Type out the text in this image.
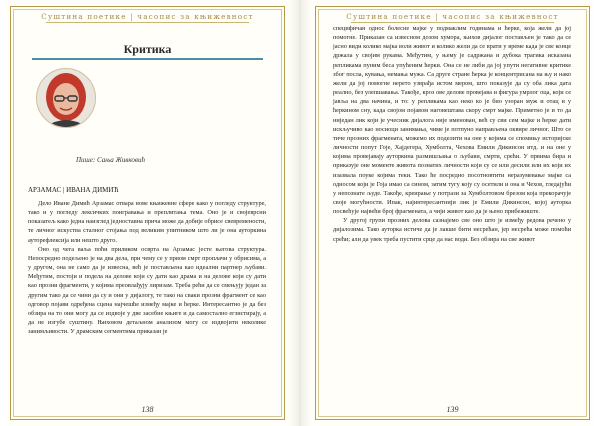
Суштина поетике | часопис за књижевност
Критика
Пише: Сања Живковић
АРЗАМАС | ИВАНА ДИМИЋ

Дело Иване Димић Арзамас отвара нове књижевне сфере како у погледу структуре, тако и у погледу лексичких поигравања и преплитања тема. Оно је и својеврсни показатељ како једна наизглед једноставна прича може да добије обрисе свевремености, те личног искуства сталног стојања под великим упитником што ли је она ауторкина ауторефлексија или нешто друго.

Оно од чега ваља поћи приликом осврта на Арзамас јесте његова структура. Непосредно подељено је на два дела, при чему се у првом смрт проплачи у обрисима, а у другом, она не само да је извесна, већ је постављена као идеални партнер љубави. Међутим, постоји и подела на делове који су дати као драма и на делове који су дати као прозни фрагменти, у којима преовлађују лиризам. Треба рећи да се смењују један за другим тако да се чини да су и они у дијалогу, те тако на сваки прозни фрагмент се као одговор појави одређена сцена најчешће између мајке и ћерке. Интересантно је да без обзира на то они могу да се издвоје у две засебне књиге и да самостално егзистирају, а да не изгубе суштину. Њиховом детаљном анализом могу се издвојити неколике занимљивости. У драмским сегментима приказан је

138
Суштина поетике | часопис за књижевност

специфичан однос болесне мајке у подмаклим годинама и ћерке, која жели да јој помогне. Приказан са извесном дозом хумора, њихов дијалог постављен је тако да се јасно види колико мајка воли живот и колико жели да се врати у време када је све конце држала у својим рукама. Међутим, у њему је садржана и дубока трагика исказана репликама пуним беса упућеним ћерки. Она се не либи да јој упути негативне критике због посла, кувања, немања мужа. Са друге стране ћерка је концентрисана на њу и нако жели да јој помогне нерето узврађа истом мером, што показује да су оба лика дата реално, без улепшавања. Такође, кроз ове делове провејава и фигура умрлог оца, који се јавља на два начина, и то: у репликама као неко ко је био узоран муж и отац и у ћеркином сну, када својом појавом наговештава скору смрт мајке. Приметно је и то да ниједан лик који је учесник дијалога није именован, већ су сви сем мајке и ћерке дати искључиво као носиоци занимања, чиме је потпуно направљена оквире личног. Што се тиче прозних фрагмената, можемо их поделити на оне у којима се спомињу историјске личности попут Гоје, Хајдегера, Хумболта, Чехова Емили Дикинсон итд. и на оне у којима провејавају ауторкина размишљања о љубави, смрти, срећи. У првима бира и приказује оне моменте живота познатих личности који су се или десили или их који их изазвала поуке којима теки. Тако ће посредно посотновтити неразумевање мајке са односом који је Гоја имао са сином, затим тугу коју су осетили и она и Чехов, гледајући у непознате људе. Такође, креирање у потрази за Хумболтовом брезом која прекорачује своје могућности. Ипак, најинтересантнији лик је Емили Дикинсон, којој ауторка посвећује највећи број фрагмената, а чији живот као да је њено прибежиште.

У другој групи прозних делова сазнајемо све оно што је између редова речено у дијалозима. Тако ауторка истиче да је лакше бити несрећан, јер несрећа може помоћи срећи; али да увек треба пустити срце да нас води. Без обзира на све живот

139
